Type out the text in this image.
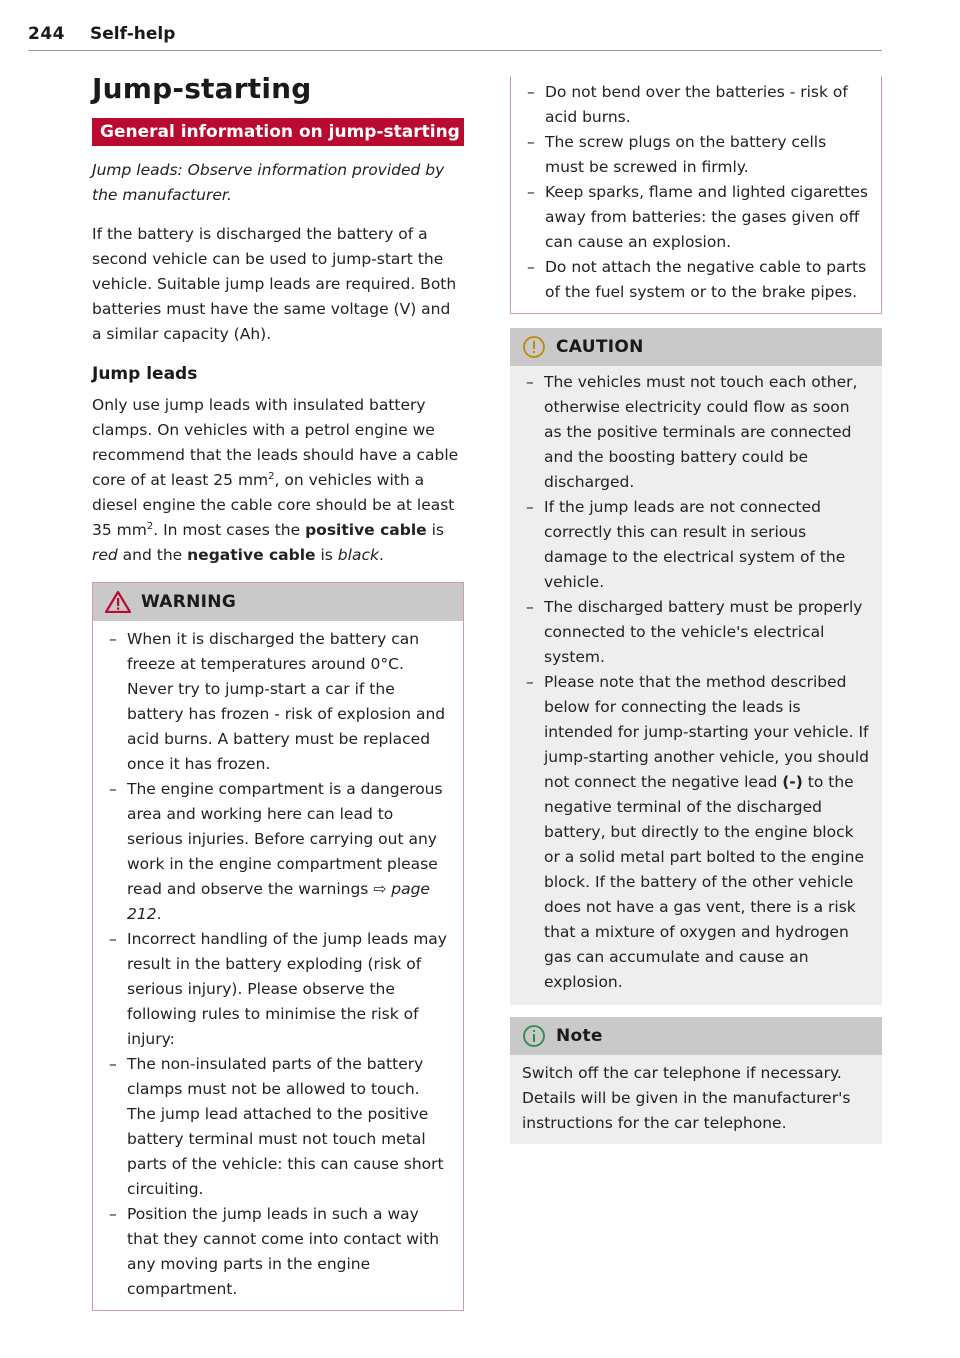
244 Self-help
Jump-starting
General information on jump-starting

Jump leads: Observe information provided by the manufacturer.

If the battery is discharged the battery of a second vehicle can be used to jump-start the vehicle. Suitable jump leads are required. Both batteries must have the same voltage (V) and a similar capacity (Ah).

Jump leads

Only use jump leads with insulated battery clamps. On vehicles with a petrol engine we recommend that the leads should have a cable core of at least 25 $mm^2$, on vehicles with a diesel engine the cable core should be at least 35 $mm^2$. In most cases the positive cable is red and the negative cable is black.

WARNING
– When it is discharged the battery can freeze at temperatures around 0°C. Never try to jump-start a car if the battery has frozen - risk of explosion and acid burns. A battery must be replaced once it has frozen.
– The engine compartment is a dangerous area and working here can lead to serious injuries. Before carrying out any work in the engine compartment please read and observe the warnings ⇨ page 212.
– Incorrect handling of the jump leads may result in the battery exploding (risk of serious injury). Please observe the following rules to minimise the risk of injury:
– The non-insulated parts of the battery clamps must not be allowed to touch. The jump lead attached to the positive battery terminal must not touch metal parts of the vehicle: this can cause short circuiting.
– Position the jump leads in such a way that they cannot come into contact with any moving parts in the engine compartment.
– Do not bend over the batteries - risk of acid burns.
– The screw plugs on the battery cells must be screwed in firmly.
– Keep sparks, flame and lighted cigarettes away from batteries: the gases given off can cause an explosion.
– Do not attach the negative cable to parts of the fuel system or to the brake pipes.
CAUTION
– The vehicles must not touch each other, otherwise electricity could flow as soon as the positive terminals are connected and the boosting battery could be discharged.
– If the jump leads are not connected correctly this can result in serious damage to the electrical system of the vehicle.
– The discharged battery must be properly connected to the vehicle's electrical system.
– Please note that the method described below for connecting the leads is intended for jump-starting your vehicle. If jump-starting another vehicle, you should not connect the negative lead (-) to the negative terminal of the discharged battery, but directly to the engine block or a solid metal part bolted to the engine block. If the battery of the other vehicle does not have a gas vent, there is a risk that a mixture of oxygen and hydrogen gas can accumulate and cause an explosion.
Note

Switch off the car telephone if necessary. Details will be given in the manufacturer's instructions for the car telephone.
